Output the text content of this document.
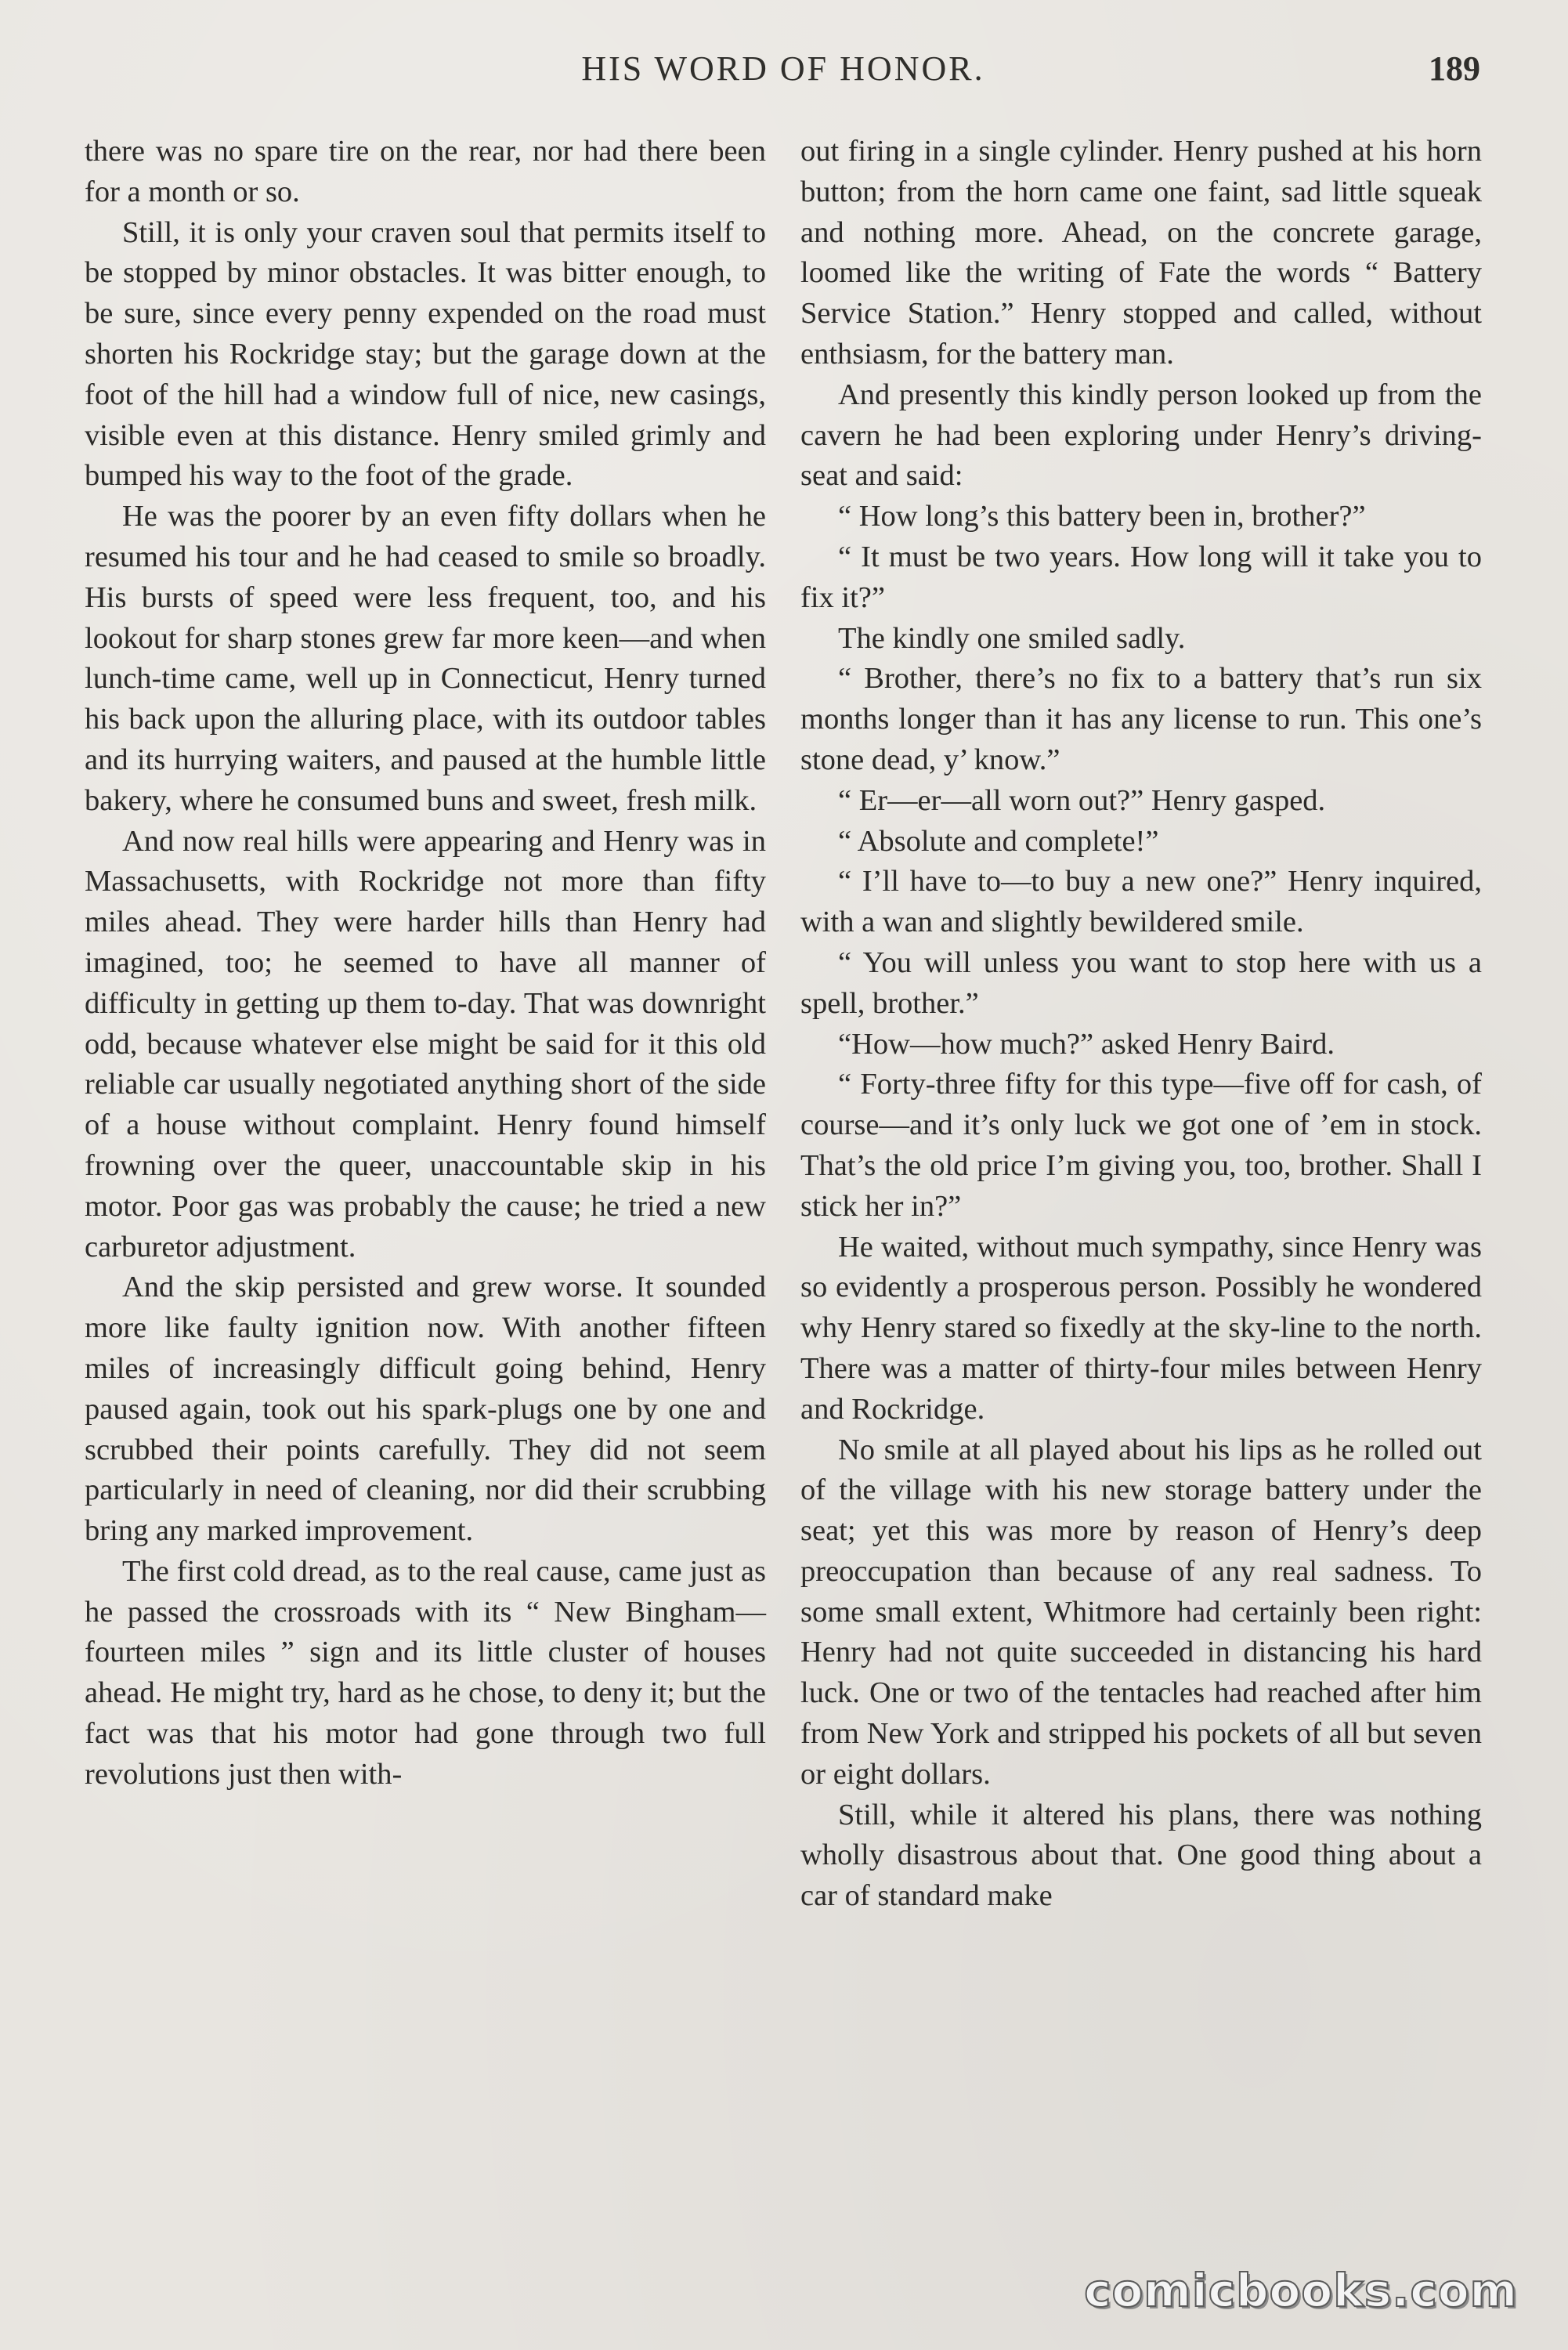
HIS WORD OF HONOR.	189

there was no spare tire on the rear, nor had there been for a month or so.

Still, it is only your craven soul that permits itself to be stopped by minor obstacles. It was bitter enough, to be sure, since every penny expended on the road must shorten his Rockridge stay; but the garage down at the foot of the hill had a window full of nice, new casings, visible even at this distance. Henry smiled grimly and bumped his way to the foot of the grade.

He was the poorer by an even fifty dollars when he resumed his tour and he had ceased to smile so broadly. His bursts of speed were less frequent, too, and his lookout for sharp stones grew far more keen—and when lunch-time came, well up in Connecticut, Henry turned his back upon the alluring place, with its outdoor tables and its hurrying waiters, and paused at the humble little bakery, where he consumed buns and sweet, fresh milk.

And now real hills were appearing and Henry was in Massachusetts, with Rockridge not more than fifty miles ahead. They were harder hills than Henry had imagined, too; he seemed to have all manner of difficulty in getting up them to-day. That was downright odd, because whatever else might be said for it this old reliable car usually negotiated anything short of the side of a house without complaint. Henry found himself frowning over the queer, unaccountable skip in his motor. Poor gas was probably the cause; he tried a new carburetor adjustment.

And the skip persisted and grew worse. It sounded more like faulty ignition now. With another fifteen miles of increasingly difficult going behind, Henry paused again, took out his spark-plugs one by one and scrubbed their points carefully. They did not seem particularly in need of cleaning, nor did their scrubbing bring any marked improvement.

The first cold dread, as to the real cause, came just as he passed the crossroads with its “ New Bingham—fourteen miles ” sign and its little cluster of houses ahead. He might try, hard as he chose, to deny it; but the fact was that his motor had gone through two full revolutions just then with-

out firing in a single cylinder. Henry pushed at his horn button; from the horn came one faint, sad little squeak and nothing more. Ahead, on the concrete garage, loomed like the writing of Fate the words “ Battery Service Station.” Henry stopped and called, without enthsiasm, for the battery man.

And presently this kindly person looked up from the cavern he had been exploring under Henry’s driving-seat and said:

“ How long’s this battery been in, brother?”

“ It must be two years. How long will it take you to fix it?”

The kindly one smiled sadly.

“ Brother, there’s no fix to a battery that’s run six months longer than it has any license to run. This one’s stone dead, y’ know.”

“ Er—er—all worn out?” Henry gasped.

“ Absolute and complete!”

“ I’ll have to—to buy a new one?” Henry inquired, with a wan and slightly bewildered smile.

“ You will unless you want to stop here with us a spell, brother.”

“How—how much?” asked Henry Baird.

“ Forty-three fifty for this type—five off for cash, of course—and it’s only luck we got one of ’em in stock. That’s the old price I’m giving you, too, brother. Shall I stick her in?”

He waited, without much sympathy, since Henry was so evidently a prosperous person. Possibly he wondered why Henry stared so fixedly at the sky-line to the north. There was a matter of thirty-four miles between Henry and Rockridge.

No smile at all played about his lips as he rolled out of the village with his new storage battery under the seat; yet this was more by reason of Henry’s deep preoccupation than because of any real sadness. To some small extent, Whitmore had certainly been right: Henry had not quite succeeded in distancing his hard luck. One or two of the tentacles had reached after him from New York and stripped his pockets of all but seven or eight dollars.

Still, while it altered his plans, there was nothing wholly disastrous about that. One good thing about a car of standard make

comicbooks.com
